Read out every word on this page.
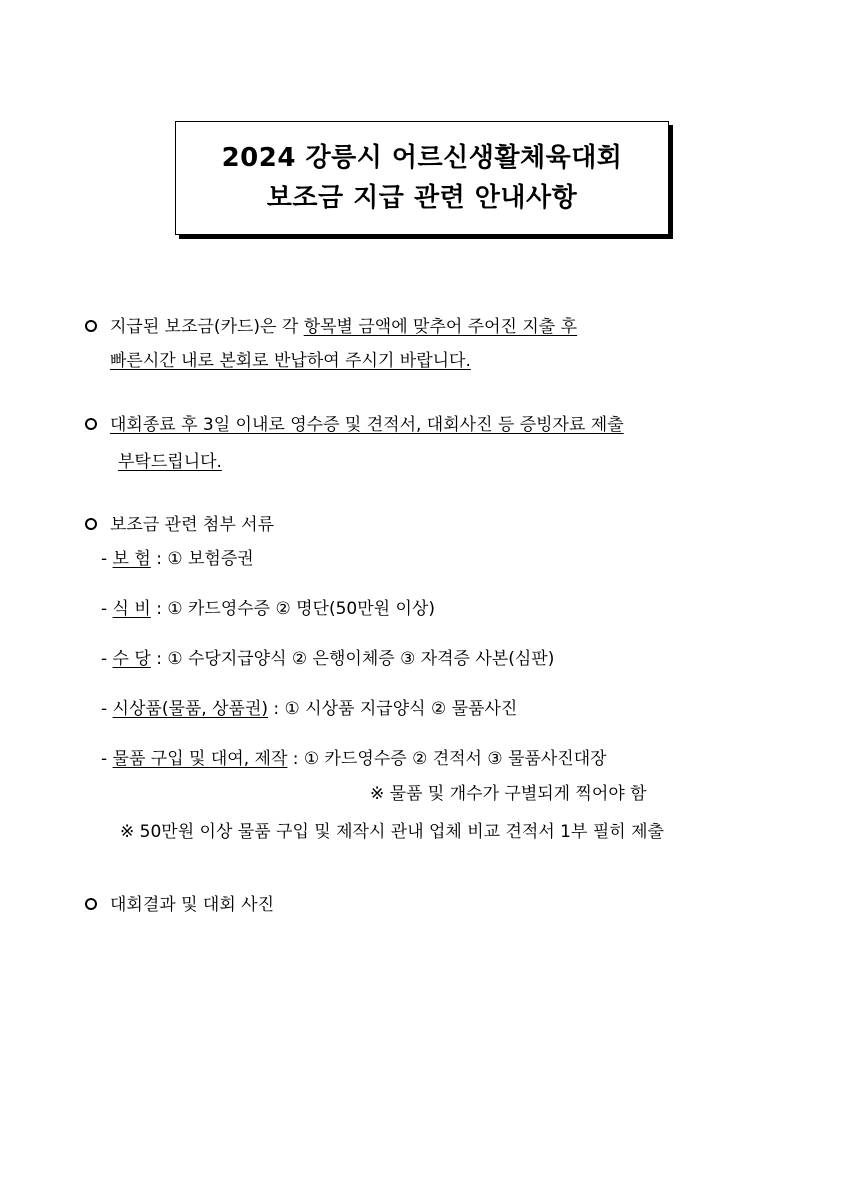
2024 강릉시 어르신생활체육대회
보조금 지급 관련 안내사항
지급된 보조금(카드)은 각 항목별 금액에 맞추어 주어진 지출 후
빠른시간 내로 본회로 반납하여 주시기 바랍니다.
대회종료 후 3일 이내로 영수증 및 견적서, 대회사진 등 증빙자료 제출
부탁드립니다.
보조금 관련 첨부 서류
- 보 험 : ① 보험증권
- 식 비 : ① 카드영수증 ② 명단(50만원 이상)
- 수 당 : ① 수당지급양식 ② 은행이체증 ③ 자격증 사본(심판)
- 시상품(물품, 상품권) : ① 시상품 지급양식 ② 물품사진
- 물품 구입 및 대여, 제작 : ① 카드영수증 ② 견적서 ③ 물품사진대장
※ 물품 및 개수가 구별되게 찍어야 함
※ 50만원 이상 물품 구입 및 제작시 관내 업체 비교 견적서 1부 필히 제출
대회결과 및 대회 사진
